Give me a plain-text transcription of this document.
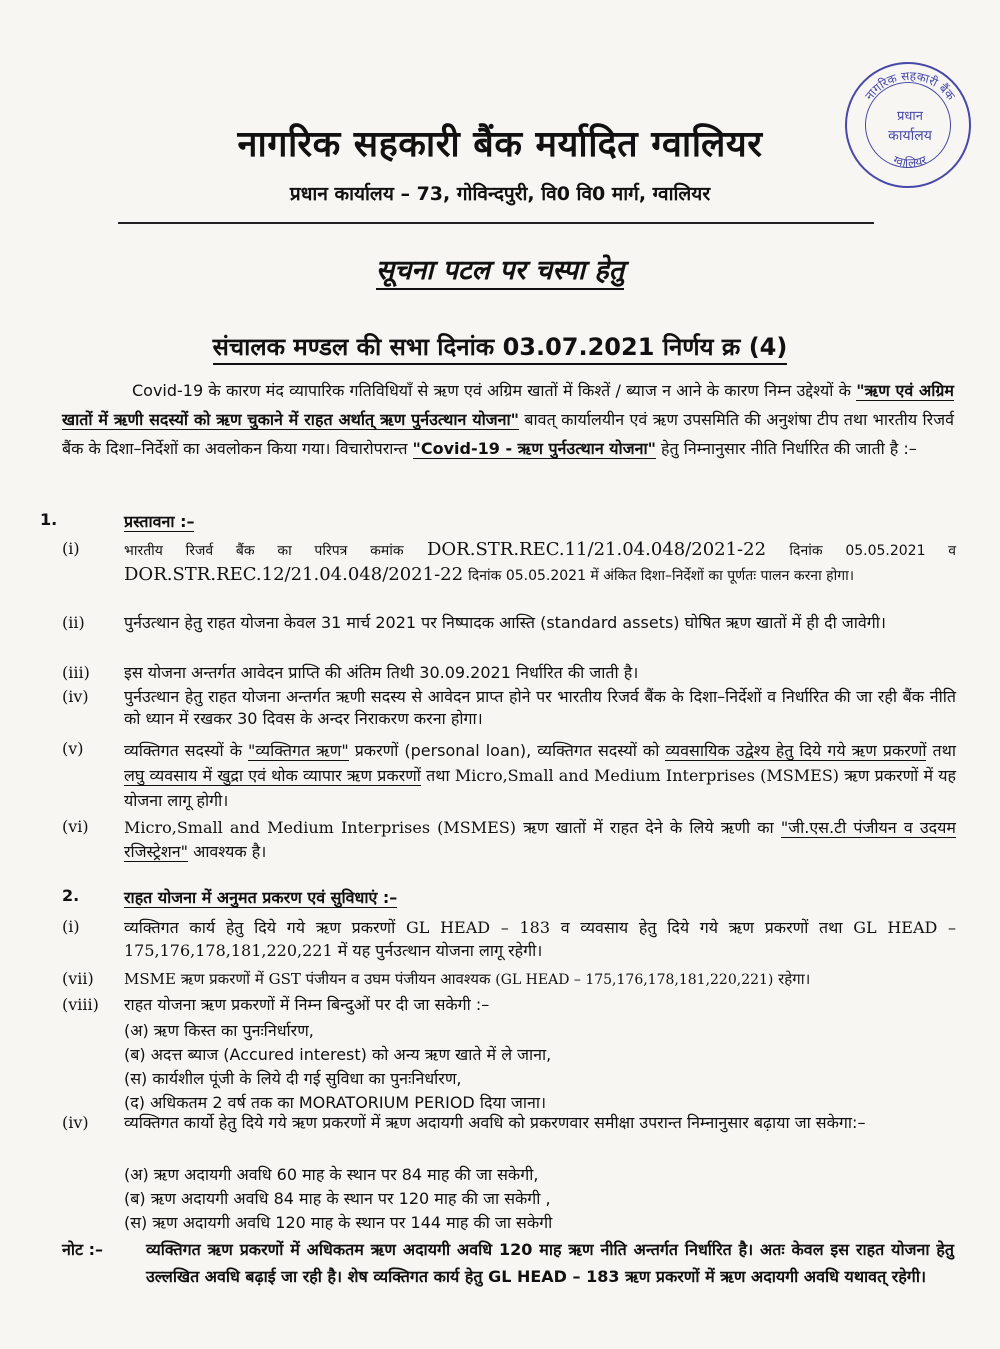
नागरिक सहकारी बैंक मर्यादित ग्वालियर
प्रधान कार्यालय – 73, गोविन्दपुरी, वि0 वि0 मार्ग, ग्वालियर
नागरिक सहकारी बैंक
ग्वालियर
प्रधान
कार्यालय
सूचना पटल पर चस्पा हेतु
संचालक मण्डल की सभा दिनांक 03.07.2021 निर्णय क्र (4)
Covid-19 के कारण मंद व्यापारिक गतिविधियॉं से ऋण एवं अग्रिम खातों में किश्तें / ब्याज न आने के कारण निम्न उद्देश्यों के "ऋण एवं अग्रिम खातों में ऋणी सदस्यों को ऋण चुकाने में राहत अर्थात् ऋण पुर्नउत्थान योजना" बावत् कार्यालयीन एवं ऋण उपसमिति की अनुशंषा टीप तथा भारतीय रिजर्व बैंक के दिशा–निर्देशों का अवलोकन किया गया। विचारोपरान्त "Covid-19 - ऋण पुर्नउत्थान योजना" हेतु निम्नानुसार नीति निर्धारित की जाती है :–
1.	प्रस्तावना :–
(i)	भारतीय रिजर्व बैंक का परिपत्र कमांक DOR.STR.REC.11/21.04.048/2021-22 दिनांक 05.05.2021 व DOR.STR.REC.12/21.04.048/2021-22 दिनांक 05.05.2021 में अंकित दिशा–निर्देशों का पूर्णतः पालन करना होगा।
(ii)	पुर्नउत्थान हेतु राहत योजना केवल 31 मार्च 2021 पर निष्पादक आस्ति (standard assets) घोषित ऋण खातों में ही दी जावेगी।
(iii)	इस योजना अन्तर्गत आवेदन प्राप्ति की अंतिम तिथी 30.09.2021 निर्धारित की जाती है।
(iv)	पुर्नउत्थान हेतु राहत योजना अन्तर्गत ऋणी सदस्य से आवेदन प्राप्त होने पर भारतीय रिजर्व बैंक के दिशा–निर्देशों व निर्धारित की जा रही बैंक नीति को ध्यान में रखकर 30 दिवस के अन्दर निराकरण करना होगा।
(v)	व्यक्तिगत सदस्यों के "व्यक्तिगत ऋण" प्रकरणों (personal loan), व्यक्तिगत सदस्यों को व्यवसायिक उद्वेश्य हेतु दिये गये ऋण प्रकरणों तथा लघु व्यवसाय में खुद्रा एवं थोक व्यापार ऋण प्रकरणों तथा Micro,Small and Medium Interprises (MSMES) ऋण प्रकरणों में यह योजना लागू होगी।
(vi)	Micro,Small and Medium Interprises (MSMES) ऋण खातों में राहत देने के लिये ऋणी का "जी.एस.टी पंजीयन व उदयम रजिस्ट्रेशन" आवश्यक है।
2.	राहत योजना में अनुमत प्रकरण एवं सुविधाएं :–
(i)	व्यक्तिगत कार्य हेतु दिये गये ऋण प्रकरणों GL HEAD – 183 व व्यवसाय हेतु दिये गये ऋण प्रकरणों तथा GL HEAD – 175,176,178,181,220,221 में यह पुर्नउत्थान योजना लागू रहेगी।
(vii)	MSME ऋण प्रकरणों में GST पंजीयन व उघम पंजीयन आवश्यक (GL HEAD – 175,176,178,181,220,221) रहेगा।
(viii)	राहत योजना ऋण प्रकरणों में निम्न बिन्दुओं पर दी जा सकेगी :–
(अ) ऋण किस्त का पुनःनिर्धारण,
(ब) अदत्त ब्याज (Accured interest) को अन्य ऋण खाते में ले जाना,
(स) कार्यशील पूंजी के लिये दी गई सुविधा का पुनःनिर्धारण,
(द) अधिकतम 2 वर्ष तक का MORATORIUM PERIOD दिया जाना।
(iv)	व्यक्तिगत कार्यो हेतु दिये गये ऋण प्रकरणों में ऋण अदायगी अवधि को प्रकरणवार समीक्षा उपरान्त निम्नानुसार बढ़ाया जा सकेगा:–
(अ) ऋण अदायगी अवधि 60 माह के स्थान पर 84 माह की जा सकेगी,
(ब) ऋण अदायगी अवधि 84 माह के स्थान पर 120 माह की जा सकेगी ,
(स) ऋण अदायगी अवधि 120 माह के स्थान पर 144 माह की जा सकेगी
नोट :–	व्यक्तिगत ऋण प्रकरणों में अधिकतम ऋण अदायगी अवधि 120 माह ऋण नीति अन्तर्गत निर्धारित है। अतः केवल इस राहत योजना हेतु उल्लखित अवधि बढ़ाई जा रही है। शेष व्यक्तिगत कार्य हेतु GL HEAD – 183 ऋण प्रकरणों में ऋण अदायगी अवधि यथावत् रहेगी।
